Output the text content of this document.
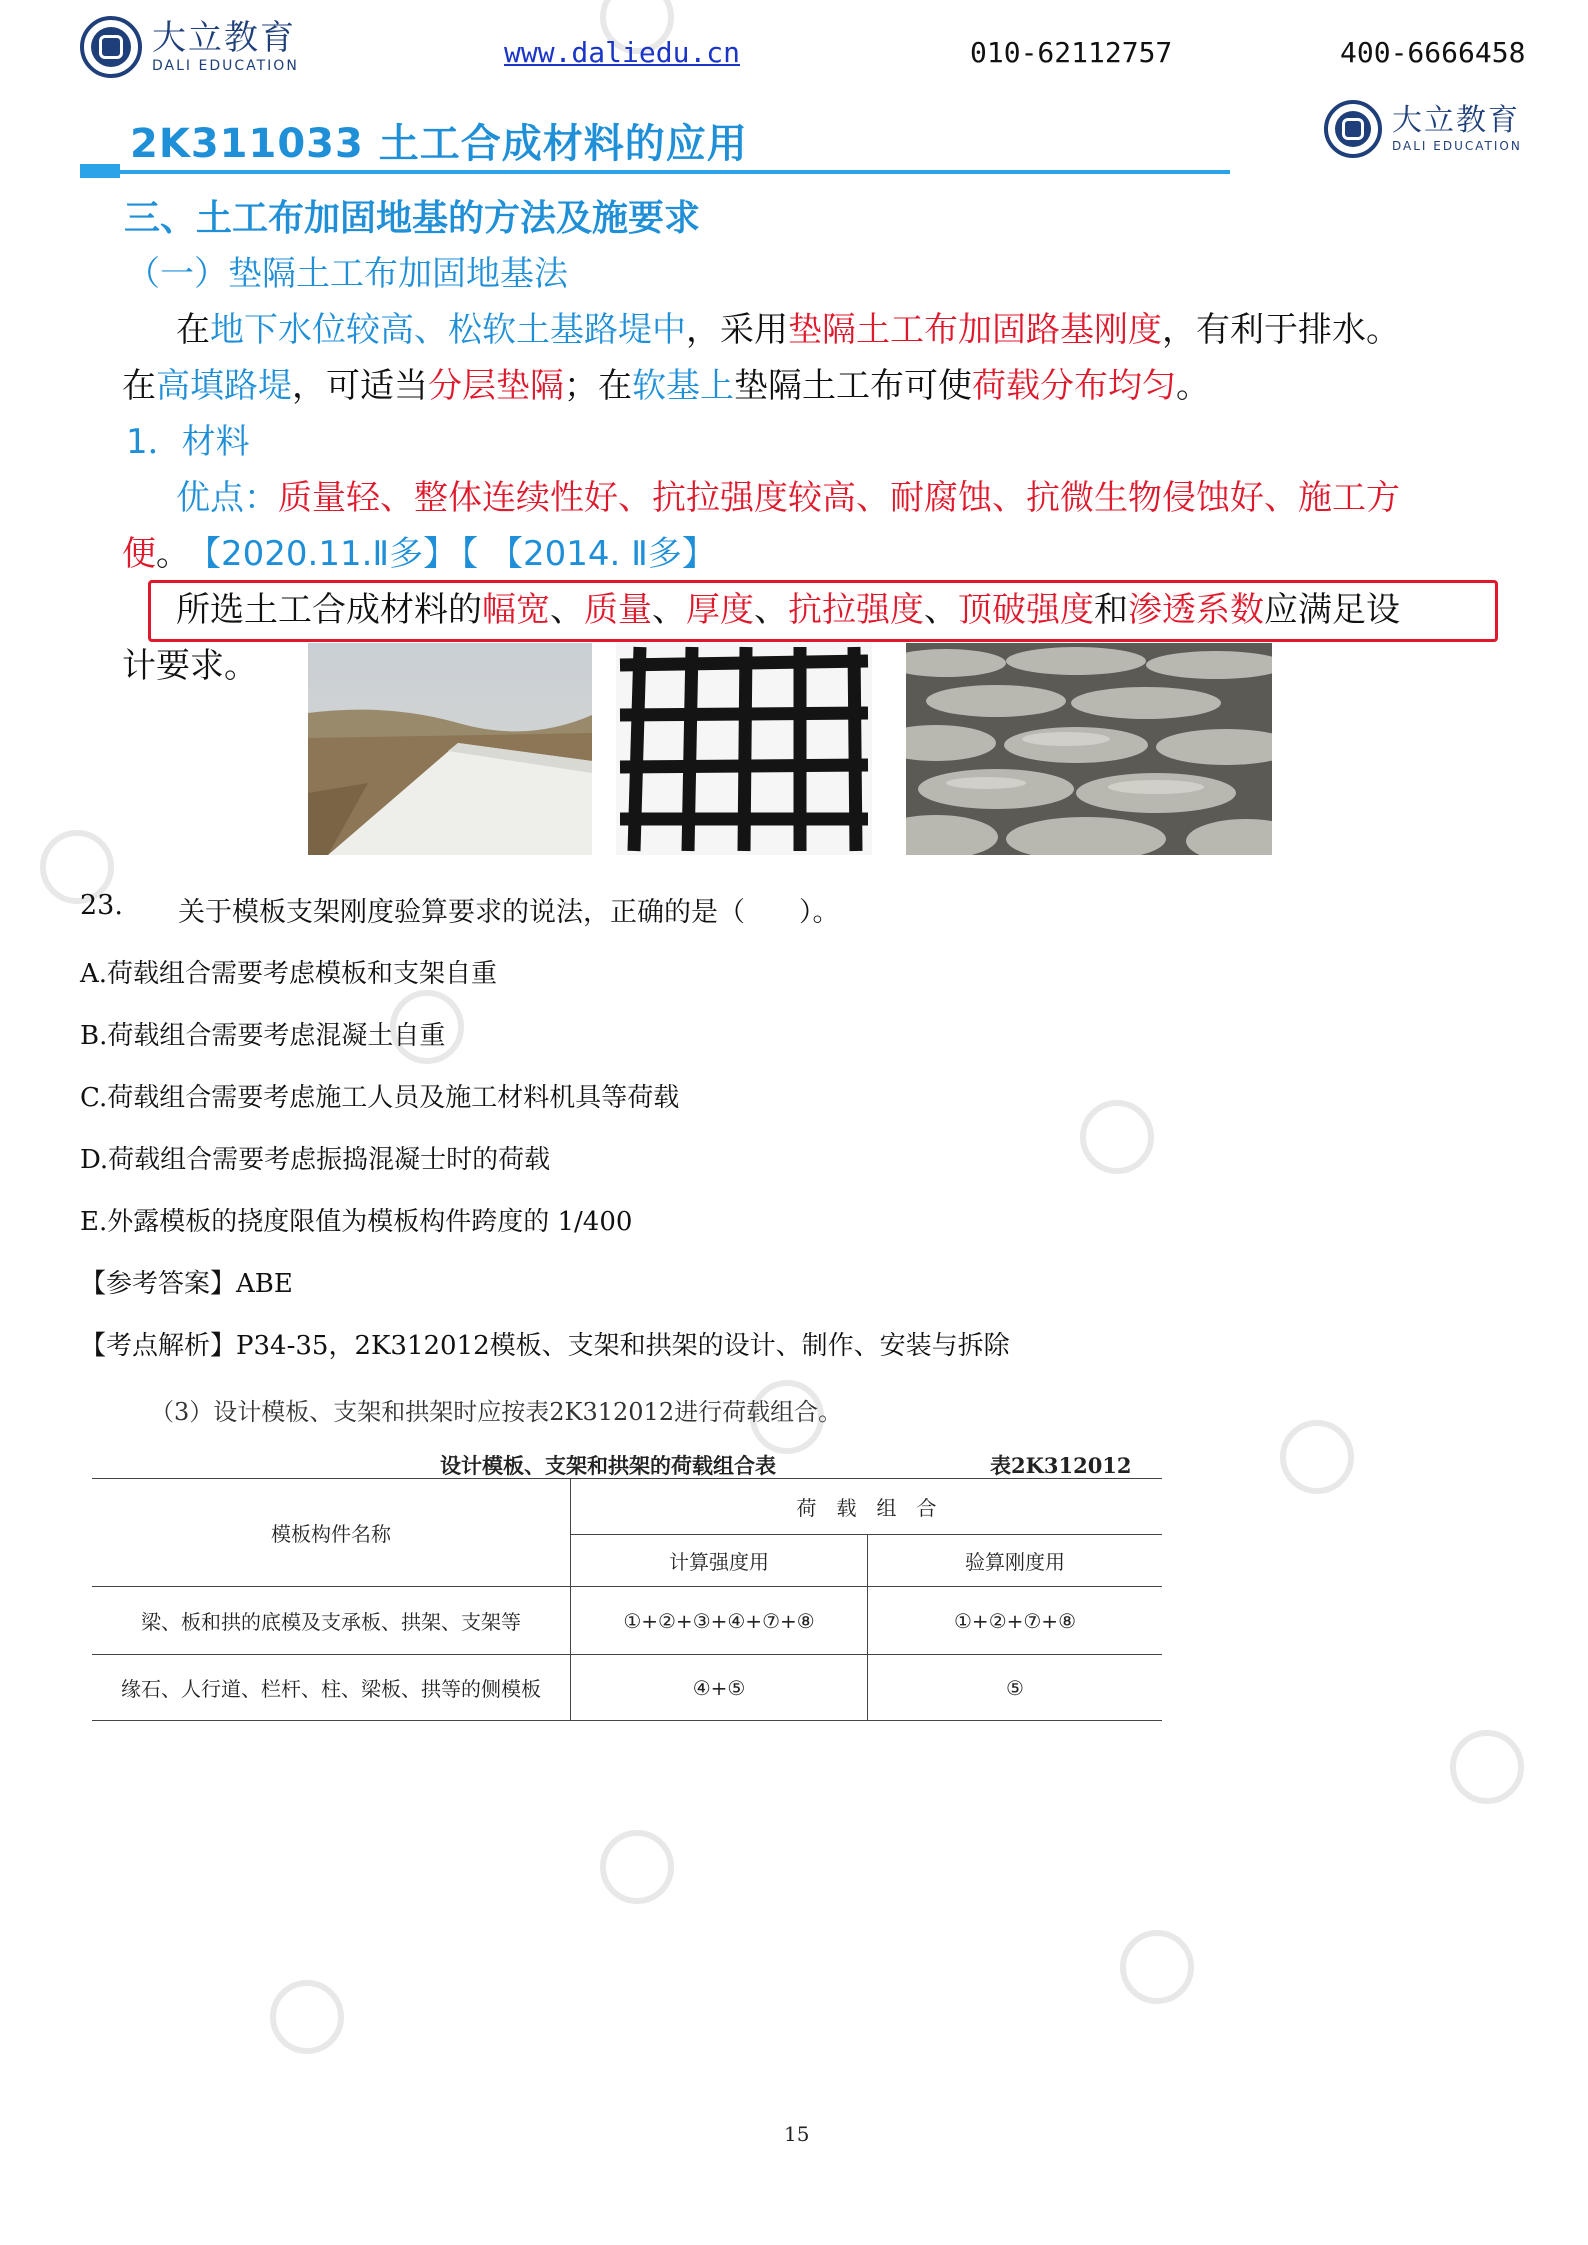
大立教育
DALI EDUCATION	www.daliedu.cn	010-62112757	400-6666458
2K311033 土工合成材料的应用
大立教育
DALI EDUCATION
三、土工布加固地基的方法及施要求
（一）垫隔土工布加固地基法
在地下水位较高、松软土基路堤中，采用垫隔土工布加固路基刚度，有利于排水。
在高填路堤，可适当分层垫隔；在软基上垫隔土工布可使荷载分布均匀。
1．材料
优点：质量轻、整体连续性好、抗拉强度较高、耐腐蚀、抗微生物侵蚀好、施工方
便。 【2020.11.Ⅱ多】 【 【2014. Ⅱ多】
所选土工合成材料的幅宽、质量、厚度、抗拉强度、顶破强度和渗透系数应满足设
计要求。
23. 关于模板支架刚度验算要求的说法，正确的是（　　）。
A.荷载组合需要考虑模板和支架自重
B.荷载组合需要考虑混凝土自重
C.荷载组合需要考虑施工人员及施工材料机具等荷载
D.荷载组合需要考虑振捣混凝士时的荷载
E.外露模板的挠度限值为模板构件跨度的 1/400
【参考答案】ABE
【考点解析】P34-35，2K312012模板、支架和拱架的设计、制作、安装与拆除
（3）设计模板、支架和拱架时应按表2K312012进行荷载组合。
设计模板、支架和拱架的荷载组合表	表2K312012
模板构件名称	荷　载　组　合	
	计算强度用	验算刚度用
梁、板和拱的底模及支承板、拱架、支架等	①+②+③+④+⑦+⑧	①+②+⑦+⑧
缘石、人行道、栏杆、柱、梁板、拱等的侧模板	④+⑤	⑤
15
